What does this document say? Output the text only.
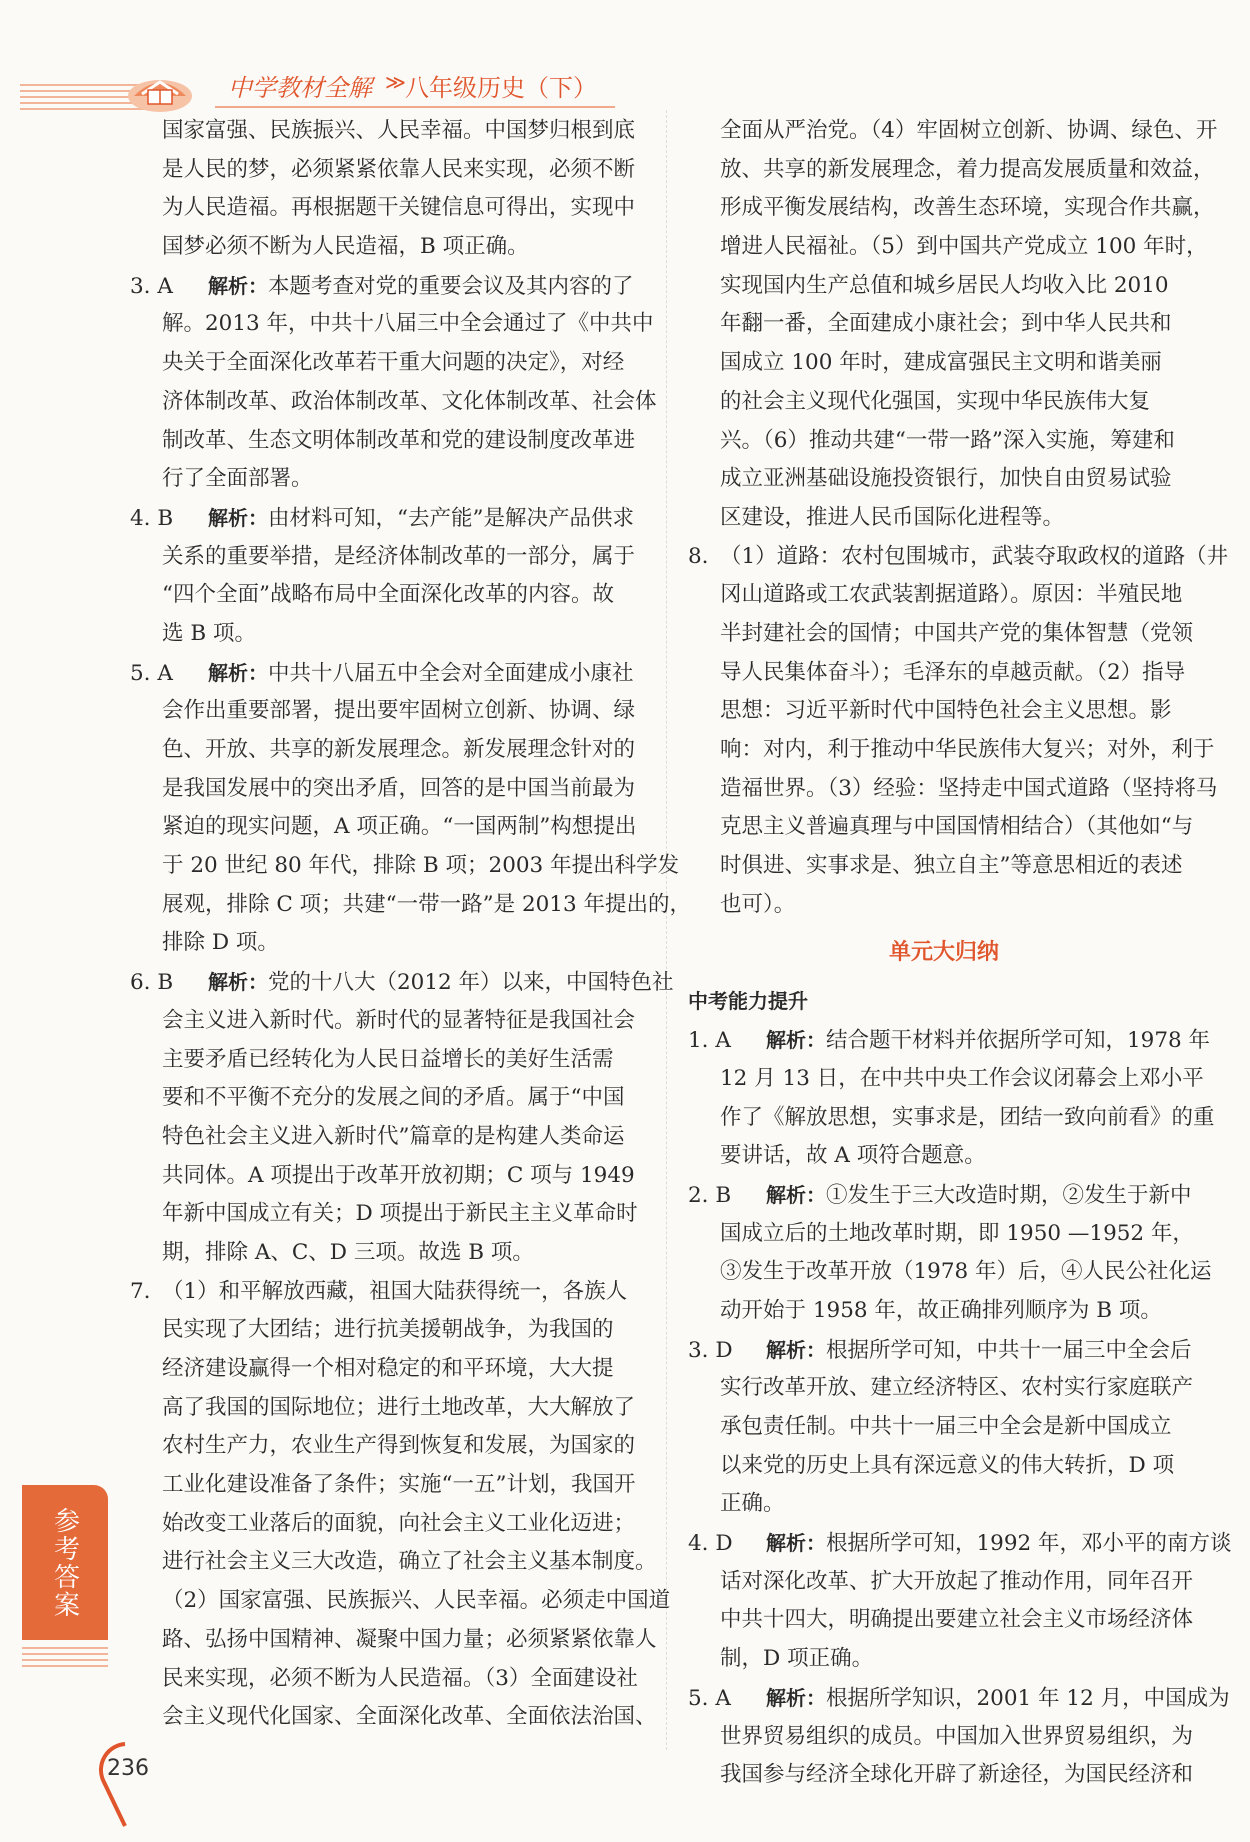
中学教材全解 ≫ 八年级历史（下）
国家富强、民族振兴、人民幸福。中国梦归根到底
是人民的梦，必须紧紧依靠人民来实现，必须不断
为人民造福。再根据题干关键信息可得出，实现中
国梦必须不断为人民造福，B 项正确。
3. A 解析：本题考查对党的重要会议及其内容的了
解。2013 年，中共十八届三中全会通过了《中共中
央关于全面深化改革若干重大问题的决定》，对经
济体制改革、政治体制改革、文化体制改革、社会体
制改革、生态文明体制改革和党的建设制度改革进
行了全面部署。
4. B 解析：由材料可知，“去产能”是解决产品供求
关系的重要举措，是经济体制改革的一部分，属于
“四个全面”战略布局中全面深化改革的内容。故
选 B 项。
5. A 解析：中共十八届五中全会对全面建成小康社
会作出重要部署，提出要牢固树立创新、协调、绿
色、开放、共享的新发展理念。新发展理念针对的
是我国发展中的突出矛盾，回答的是中国当前最为
紧迫的现实问题，A 项正确。“一国两制”构想提出
于 20 世纪 80 年代，排除 B 项；2003 年提出科学发
展观，排除 C 项；共建“一带一路”是 2013 年提出的，
排除 D 项。
6. B 解析：党的十八大（2012 年）以来，中国特色社
会主义进入新时代。新时代的显著特征是我国社会
主要矛盾已经转化为人民日益增长的美好生活需
要和不平衡不充分的发展之间的矛盾。属于“中国
特色社会主义进入新时代”篇章的是构建人类命运
共同体。A 项提出于改革开放初期；C 项与 1949
年新中国成立有关；D 项提出于新民主主义革命时
期，排除 A、C、D 三项。故选 B 项。
7. （1）和平解放西藏，祖国大陆获得统一，各族人
民实现了大团结；进行抗美援朝战争，为我国的
经济建设赢得一个相对稳定的和平环境，大大提
高了我国的国际地位；进行土地改革，大大解放了
农村生产力，农业生产得到恢复和发展，为国家的
工业化建设准备了条件；实施“一五”计划，我国开
始改变工业落后的面貌，向社会主义工业化迈进；
进行社会主义三大改造，确立了社会主义基本制度。
（2）国家富强、民族振兴、人民幸福。必须走中国道
路、弘扬中国精神、凝聚中国力量；必须紧紧依靠人
民来实现，必须不断为人民造福。（3）全面建设社
会主义现代化国家、全面深化改革、全面依法治国、
全面从严治党。（4）牢固树立创新、协调、绿色、开
放、共享的新发展理念，着力提高发展质量和效益，
形成平衡发展结构，改善生态环境，实现合作共赢，
增进人民福祉。（5）到中国共产党成立 100 年时，
实现国内生产总值和城乡居民人均收入比 2010
年翻一番，全面建成小康社会；到中华人民共和
国成立 100 年时，建成富强民主文明和谐美丽
的社会主义现代化强国，实现中华民族伟大复
兴。（6）推动共建“一带一路”深入实施，筹建和
成立亚洲基础设施投资银行，加快自由贸易试验
区建设，推进人民币国际化进程等。
8. （1）道路：农村包围城市，武装夺取政权的道路（井
冈山道路或工农武装割据道路）。原因：半殖民地
半封建社会的国情；中国共产党的集体智慧（党领
导人民集体奋斗）；毛泽东的卓越贡献。（2）指导
思想：习近平新时代中国特色社会主义思想。影
响：对内，利于推动中华民族伟大复兴；对外，利于
造福世界。（3）经验：坚持走中国式道路（坚持将马
克思主义普遍真理与中国国情相结合）（其他如“与
时俱进、实事求是、独立自主”等意思相近的表述
也可）。
单元大归纳
中考能力提升
1. A 解析：结合题干材料并依据所学可知，1978 年
12 月 13 日，在中共中央工作会议闭幕会上邓小平
作了《解放思想，实事求是，团结一致向前看》的重
要讲话，故 A 项符合题意。
2. B 解析：①发生于三大改造时期，②发生于新中
国成立后的土地改革时期，即 1950 —1952 年，
③发生于改革开放（1978 年）后，④人民公社化运
动开始于 1958 年，故正确排列顺序为 B 项。
3. D 解析：根据所学可知，中共十一届三中全会后
实行改革开放、建立经济特区、农村实行家庭联产
承包责任制。中共十一届三中全会是新中国成立
以来党的历史上具有深远意义的伟大转折，D 项
正确。
4. D 解析：根据所学可知，1992 年，邓小平的南方谈
话对深化改革、扩大开放起了推动作用，同年召开
中共十四大，明确提出要建立社会主义市场经济体
制，D 项正确。
5. A 解析：根据所学知识，2001 年 12 月，中国成为
世界贸易组织的成员。中国加入世界贸易组织，为
我国参与经济全球化开辟了新途径，为国民经济和
参考答案
236
